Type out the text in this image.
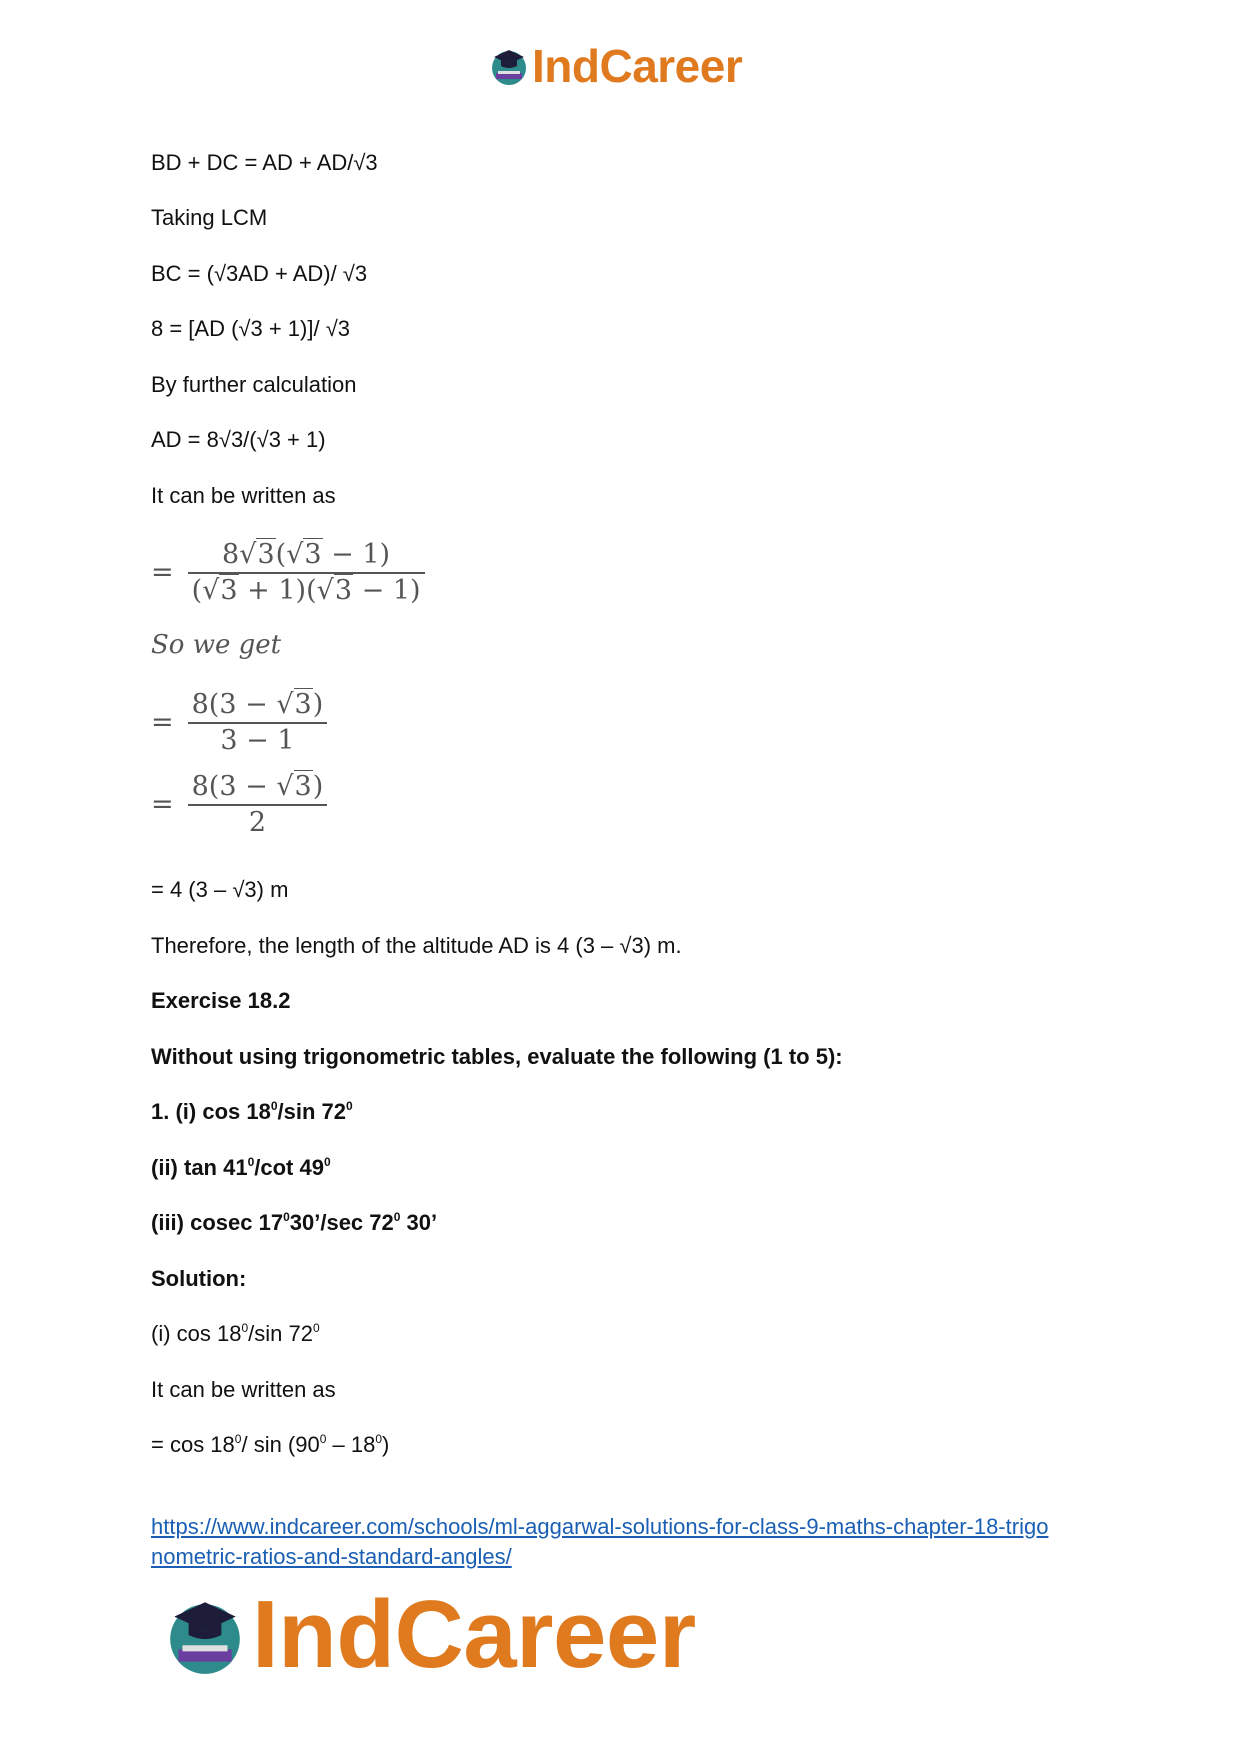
IndCareer
BD + DC = AD + AD/√3
Taking LCM
BC = (√3AD + AD)/ √3
8 = [AD (√3 + 1)]/ √3
By further calculation
AD = 8√3/(√3 + 1)
It can be written as
= $\frac{8√3(√3 - 1)}{(√3 + 1)(√3 - 1)}$
So we get
= $\frac{8(3 - √3)}{3 - 1}$
= $\frac{8(3 - √3)}{2}$
= 4 (3 – √3) m
Therefore, the length of the altitude AD is 4 (3 – √3) m.
Exercise 18.2
Without using trigonometric tables, evaluate the following (1 to 5):
1. (i) $\cos 18^0/\sin$ $72^0$
(ii) $\tan 41^0/\cot$ $49^0$
(iii) cosec $17^030’/\sec$ $72^0$ 30’
Solution:
(i) $\cos 18^0/\sin$ $72^0$
It can be written as
= $\cos 18^0/$ $\sin (90^0 - 18^0)$
https://www.indcareer.com/schools/ml-aggarwal-solutions-for-class-9-maths-chapter-18-trigo
nometric-ratios-and-standard-angles/
IndCareer
